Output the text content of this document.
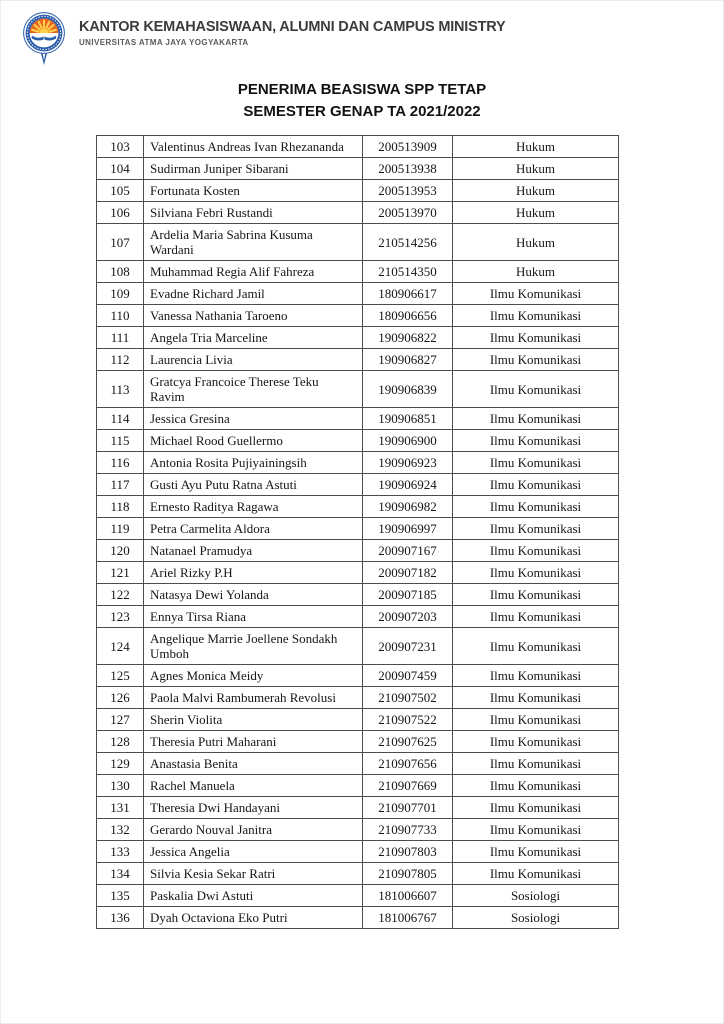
KANTOR KEMAHASISWAAN, ALUMNI DAN CAMPUS MINISTRY
UNIVERSITAS ATMA JAYA YOGYAKARTA
PENERIMA BEASISWA SPP TETAP
SEMESTER GENAP TA 2021/2022
103	Valentinus Andreas Ivan Rhezananda	200513909	Hukum
104	Sudirman Juniper Sibarani	200513938	Hukum
105	Fortunata Kosten	200513953	Hukum
106	Silviana Febri Rustandi	200513970	Hukum
107	Ardelia Maria Sabrina Kusuma Wardani	210514256	Hukum
108	Muhammad Regia Alif Fahreza	210514350	Hukum
109	Evadne Richard Jamil	180906617	Ilmu Komunikasi
110	Vanessa Nathania Taroeno	180906656	Ilmu Komunikasi
111	Angela Tria Marceline	190906822	Ilmu Komunikasi
112	Laurencia Livia	190906827	Ilmu Komunikasi
113	Gratcya Francoice Therese Teku Ravim	190906839	Ilmu Komunikasi
114	Jessica Gresina	190906851	Ilmu Komunikasi
115	Michael Rood Guellermo	190906900	Ilmu Komunikasi
116	Antonia Rosita Pujiyainingsih	190906923	Ilmu Komunikasi
117	Gusti Ayu Putu Ratna Astuti	190906924	Ilmu Komunikasi
118	Ernesto Raditya Ragawa	190906982	Ilmu Komunikasi
119	Petra Carmelita Aldora	190906997	Ilmu Komunikasi
120	Natanael Pramudya	200907167	Ilmu Komunikasi
121	Ariel Rizky P.H	200907182	Ilmu Komunikasi
122	Natasya Dewi Yolanda	200907185	Ilmu Komunikasi
123	Ennya Tirsa Riana	200907203	Ilmu Komunikasi
124	Angelique Marrie Joellene Sondakh Umboh	200907231	Ilmu Komunikasi
125	Agnes Monica Meidy	200907459	Ilmu Komunikasi
126	Paola Malvi Rambumerah Revolusi	210907502	Ilmu Komunikasi
127	Sherin Violita	210907522	Ilmu Komunikasi
128	Theresia Putri Maharani	210907625	Ilmu Komunikasi
129	Anastasia Benita	210907656	Ilmu Komunikasi
130	Rachel Manuela	210907669	Ilmu Komunikasi
131	Theresia Dwi Handayani	210907701	Ilmu Komunikasi
132	Gerardo Nouval Janitra	210907733	Ilmu Komunikasi
133	Jessica Angelia	210907803	Ilmu Komunikasi
134	Silvia Kesia Sekar Ratri	210907805	Ilmu Komunikasi
135	Paskalia Dwi Astuti	181006607	Sosiologi
136	Dyah Octaviona Eko Putri	181006767	Sosiologi
